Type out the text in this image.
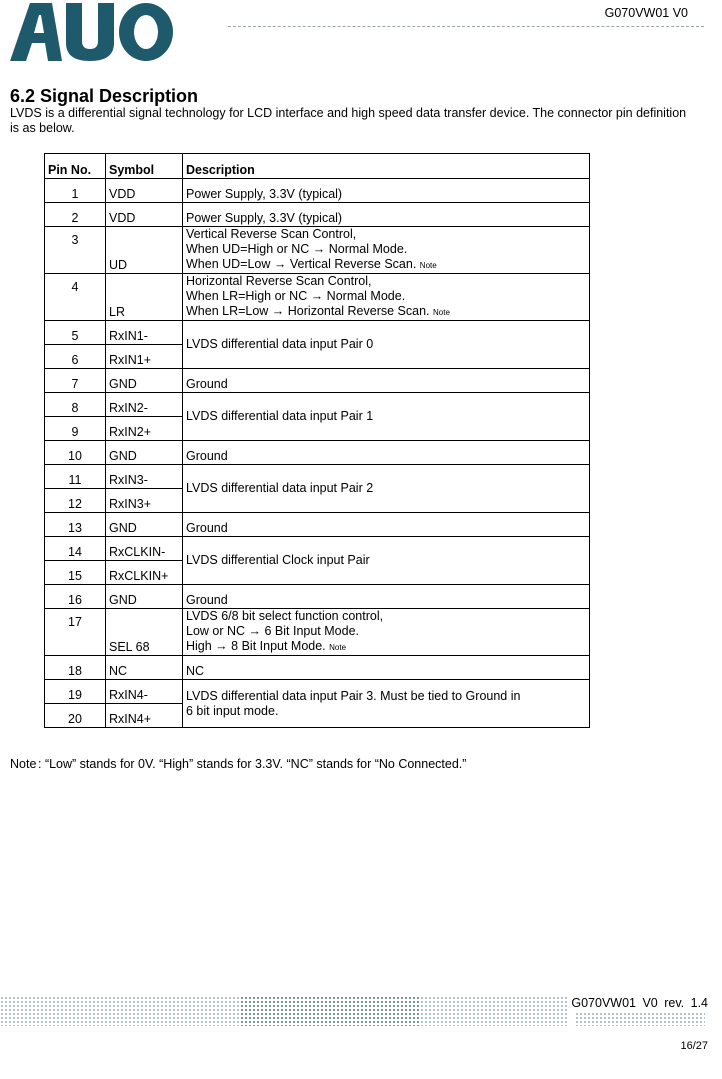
G070VW01 V0
6.2 Signal Description
LVDS is a differential signal technology for LCD interface and high speed data transfer device. The connector pin definition is as below.
Pin No.	Symbol	Description
1	VDD	Power Supply, 3.3V (typical)
2	VDD	Power Supply, 3.3V (typical)
3	UD	Vertical Reverse Scan Control,
When UD=High or NC → Normal Mode.
When UD=Low → Vertical Reverse Scan. Note

4	LR	Horizontal Reverse Scan Control,
When LR=High or NC → Normal Mode.
When LR=Low → Horizontal Reverse Scan. Note

5	RxIN1-	LVDS differential data input Pair 0
6	RxIN1+	
7	GND	Ground
8	RxIN2-	LVDS differential data input Pair 1
9	RxIN2+	
10	GND	Ground
11	RxIN3-	LVDS differential data input Pair 2
12	RxIN3+	
13	GND	Ground
14	RxCLKIN-	LVDS differential Clock input Pair
15	RxCLKIN+	
16	GND	Ground
17	SEL 68	LVDS 6/8 bit select function control,
Low or NC → 6 Bit Input Mode.
High → 8 Bit Input Mode. Note

18	NC	NC
19	RxIN4-	LVDS differential data input Pair 3. Must be tied to Ground in
6 bit input mode.

20	RxIN4+	
Note : “Low” stands for 0V. “High” stands for 3.3V. “NC” stands for “No Connected.”
G070VW01 V0 rev. 1.4
16/27
